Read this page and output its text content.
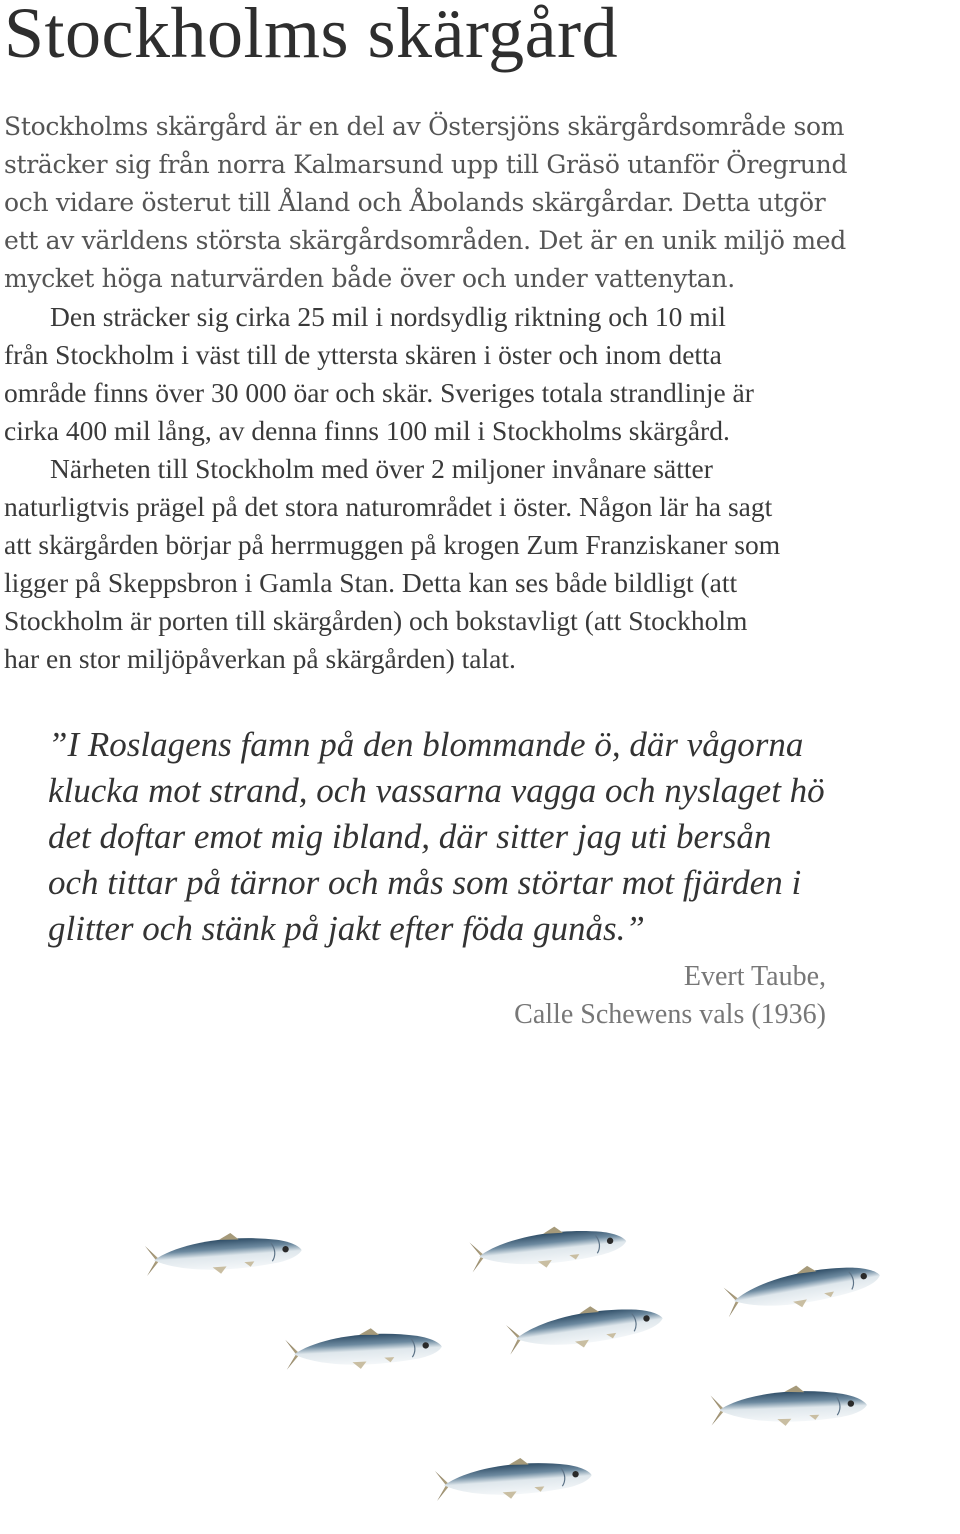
Stockholms skärgård
Stockholms skärgård är en del av Östersjöns skärgårdsområde som
sträcker sig från norra Kalmarsund upp till Gräsö utanför Öregrund
och vidare österut till Åland och Åbolands skärgårdar. Detta utgör
ett av världens största skärgårdsområden. Det är en unik miljö med
mycket höga naturvärden både över och under vattenytan.
Den sträcker sig cirka 25 mil i nordsydlig riktning och 10 mil
från Stockholm i väst till de yttersta skären i öster och inom detta
område finns över 30 000 öar och skär. Sveriges totala strandlinje är
cirka 400 mil lång, av denna finns 100 mil i Stockholms skärgård.
Närheten till Stockholm med över 2 miljoner invånare sätter
naturligtvis prägel på det stora naturområdet i öster. Någon lär ha sagt
att skärgården börjar på herrmuggen på krogen Zum Franziskaner som
ligger på Skeppsbron i Gamla Stan. Detta kan ses både bildligt (att
Stockholm är porten till skärgården) och bokstavligt (att Stockholm
har en stor miljöpåverkan på skärgården) talat.
”I Roslagens famn på den blommande ö, där vågorna
klucka mot strand, och vassarna vagga och nyslaget hö
det doftar emot mig ibland, där sitter jag uti bersån
och tittar på tärnor och mås som störtar mot fjärden i
glitter och stänk på jakt efter föda gunås.”
Evert Taube,
Calle Schewens vals (1936)
